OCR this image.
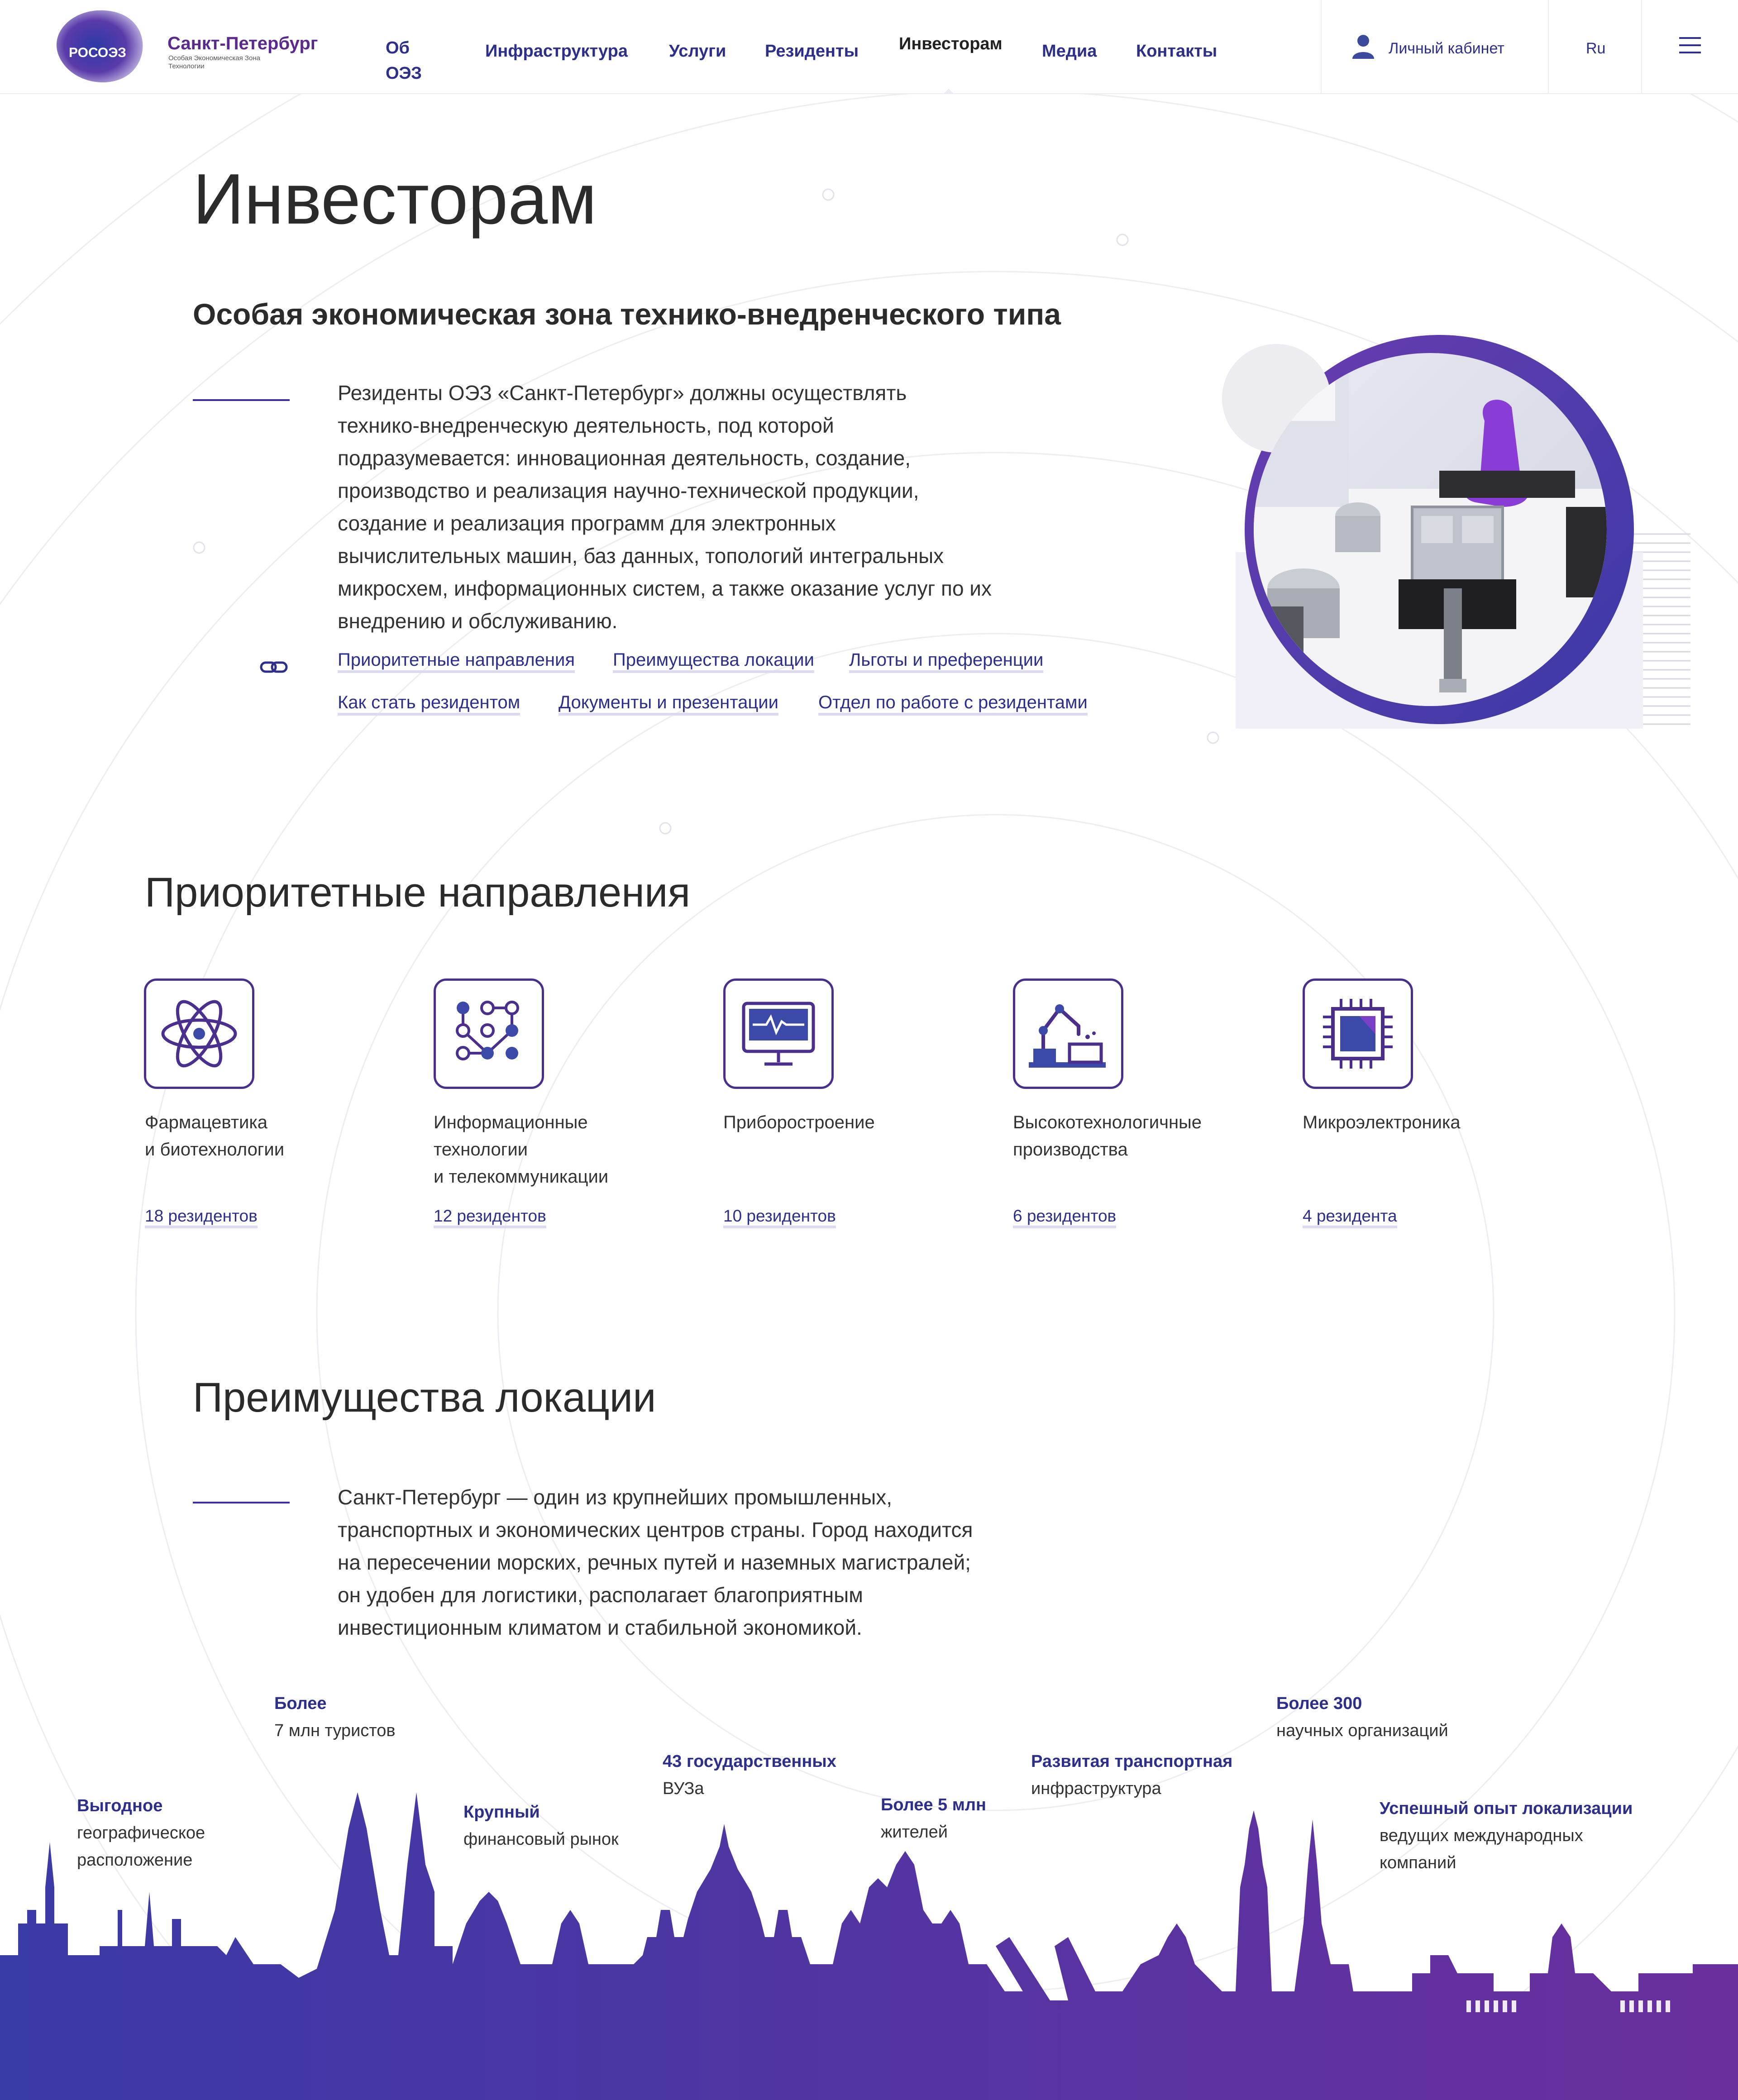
РОСОЭЗ Санкт-Петербург
Особая Экономическая Зона Технологии
Об ОЭЗ
Инфраструктура Услуги Резиденты Инвесторам Медиа Контакты	Личный кабинет	Ru
Инвесторам
Особая экономическая зона технико-внедренческого типа
Резиденты ОЭЗ «Санкт-Петербург» должны осуществлять
технико-внедренческую деятельность, под которой
подразумевается: инновационная деятельность, создание,
производство и реализация научно-технической продукции,
создание и реализация программ для электронных
вычислительных машин, баз данных, топологий интегральных
микросхем, информационных систем, а также оказание услуг по их
внедрению и обслуживанию.
Приоритетные направления Преимущества локации Льготы и преференции
Как стать резидентом Документы и презентации Отдел по работе с резидентами
Приоритетные направления
Фармацевтика
и биотехнологии
18 резидентов
Информационные
технологии
и телекоммуникации
12 резидентов
Приборостроение
10 резидентов
Высокотехнологичные
производства
6 резидентов
Микроэлектроника
4 резидента
Преимущества локации
Санкт-Петербург — один из крупнейших промышленных,
транспортных и экономических центров страны. Город находится
на пересечении морских, речных путей и наземных магистралей;
он удобен для логистики, располагает благоприятным
инвестиционным климатом и стабильной экономикой.
Выгодное
географическое
расположение
Более
7 млн туристов
Крупный
финансовый рынок
43 государственных
ВУЗа
Более 5 млн
жителей
Развитая транспортная
инфраструктура
Более 300
научных организаций
Успешный опыт локализации
ведущих международных
компаний
